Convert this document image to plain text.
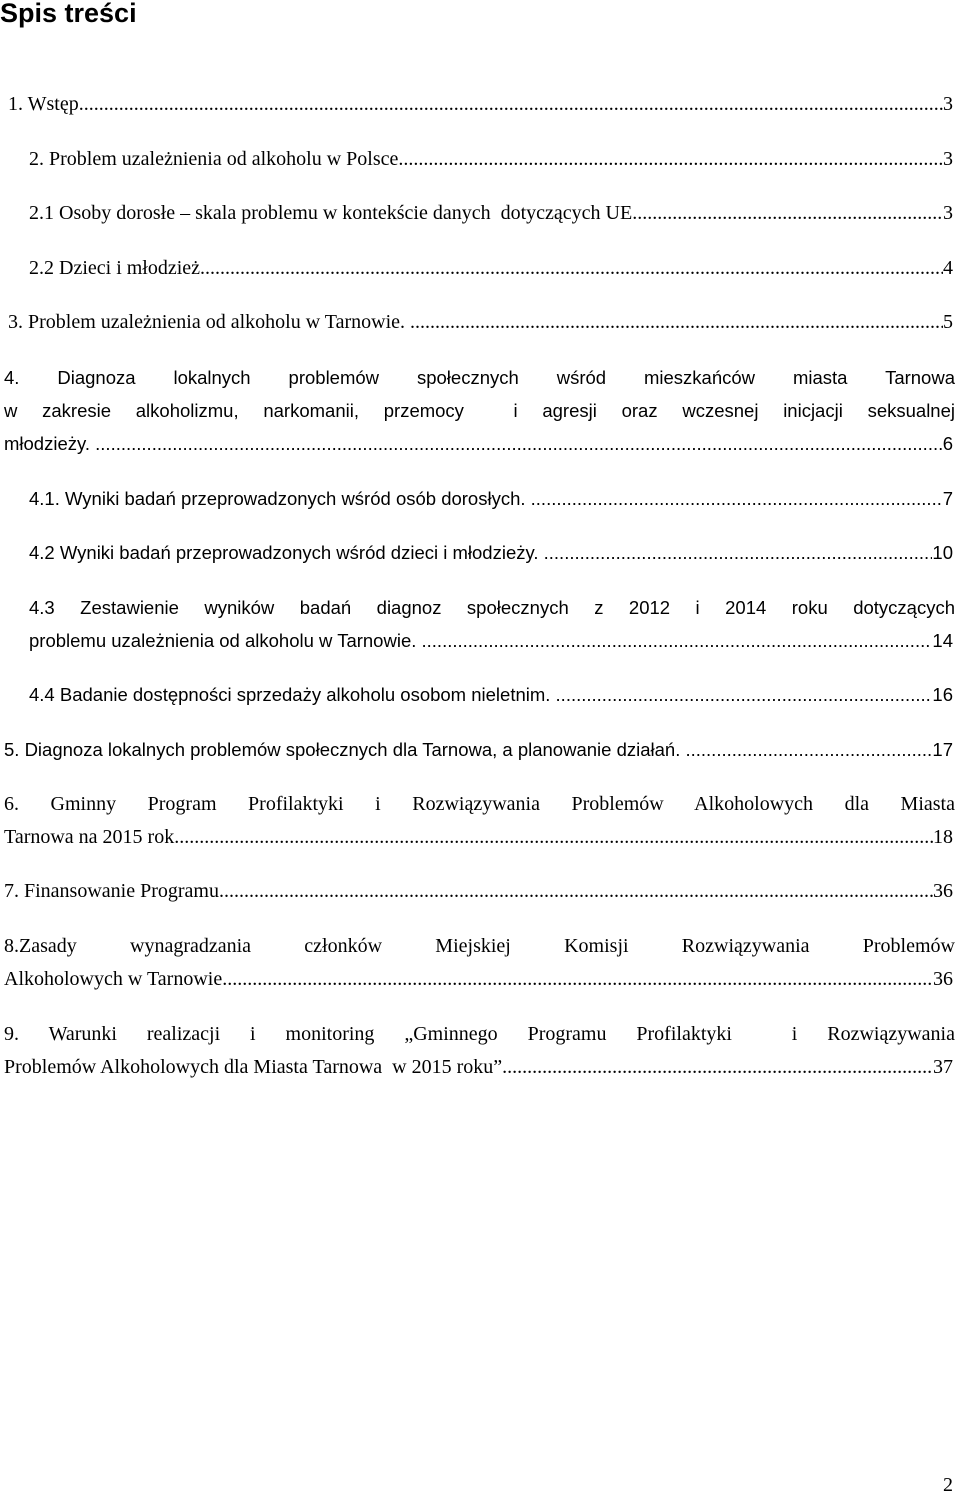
Spis treści
1. Wstęp .....	3
2. Problem uzależnienia od alkoholu w Polsce .....	3
2.1 Osoby dorosłe – skala problemu w kontekście danych  dotyczących UE .....	3
2.2 Dzieci i młodzież .....	4
3. Problem uzależnienia od alkoholu w Tarnowie. .....	5
4. Diagnoza lokalnych problemów społecznych wśród mieszkańców miasta Tarnowa
w zakresie alkoholizmu, narkomanii, przemocy  i agresji oraz wczesnej inicjacji seksualnej
młodzieży. .....	6
4.1. Wyniki badań przeprowadzonych wśród osób dorosłych. .....	7
4.2 Wyniki badań przeprowadzonych wśród dzieci i młodzieży. .....	10
4.3 Zestawienie wyników badań diagnoz społecznych z 2012 i 2014 roku dotyczących
problemu uzależnienia od alkoholu w Tarnowie. .....	14
4.4 Badanie dostępności sprzedaży alkoholu osobom nieletnim. .....	16
5. Diagnoza lokalnych problemów społecznych dla Tarnowa, a planowanie działań. .....	17
6. Gminny Program Profilaktyki i Rozwiązywania Problemów Alkoholowych dla Miasta
Tarnowa na 2015 rok. .....	18
7. Finansowanie Programu .....	36
8.Zasady wynagradzania członków Miejskiej Komisji Rozwiązywania Problemów
Alkoholowych w Tarnowie .....	36
9. Warunki realizacji i monitoring „Gminnego Programu Profilaktyki  i Rozwiązywania
Problemów Alkoholowych dla Miasta Tarnowa  w 2015 roku” .....	37
2
